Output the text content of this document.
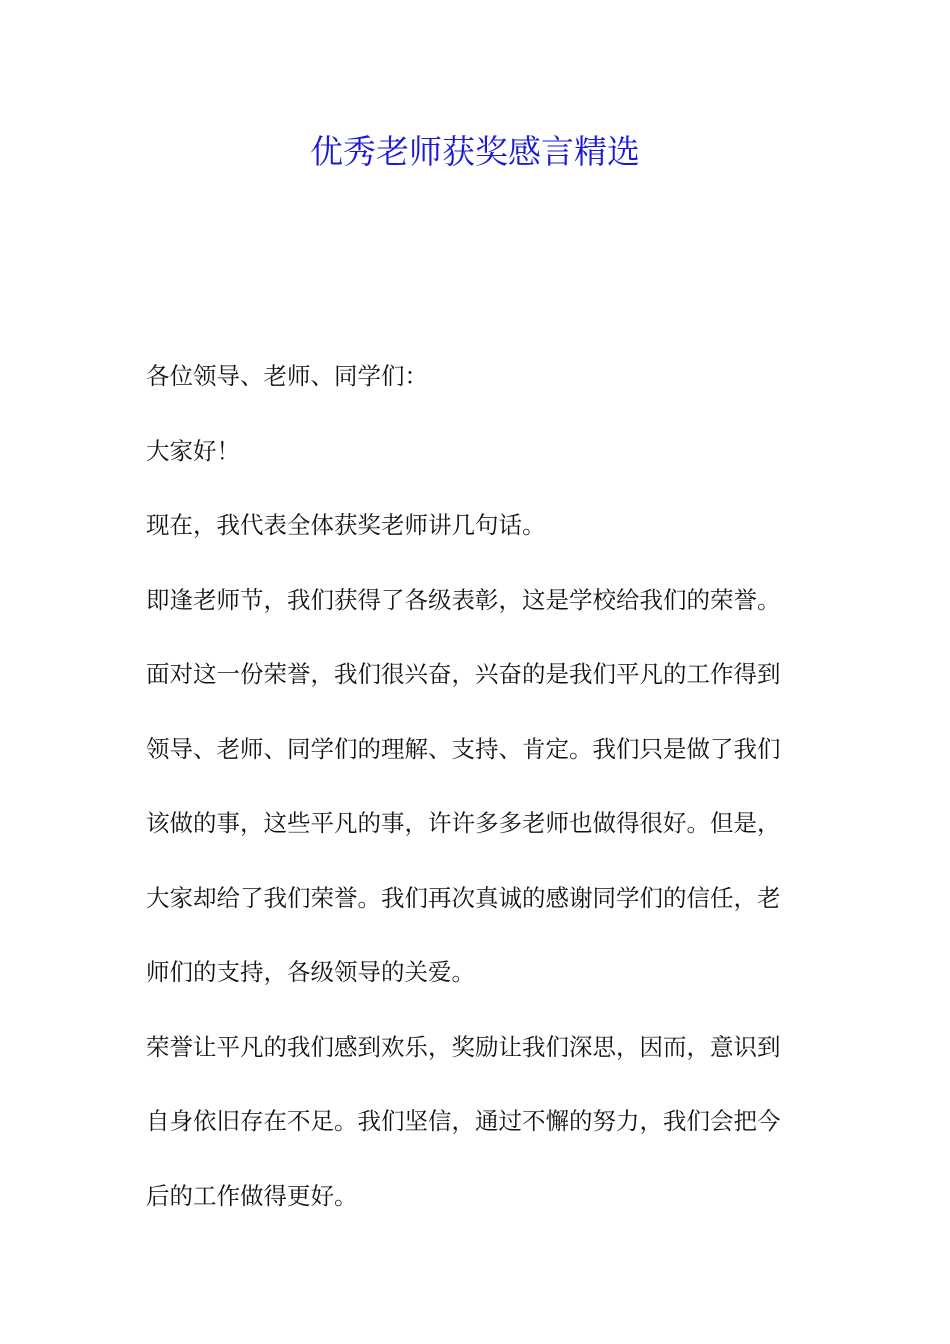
优秀老师获奖感言精选

各位领导、老师、同学们：

大家好！

现在，我代表全体获奖老师讲几句话。

即逢老师节，我们获得了各级表彰，这是学校给我们的荣誉。

面对这一份荣誉，我们很兴奋，兴奋的是我们平凡的工作得到

领导、老师、同学们的理解、支持、肯定。我们只是做了我们

该做的事，这些平凡的事，许许多多老师也做得很好。但是，

大家却给了我们荣誉。我们再次真诚的感谢同学们的信任，老

师们的支持，各级领导的关爱。

荣誉让平凡的我们感到欢乐，奖励让我们深思，因而，意识到

自身依旧存在不足。我们坚信，通过不懈的努力，我们会把今

后的工作做得更好。
